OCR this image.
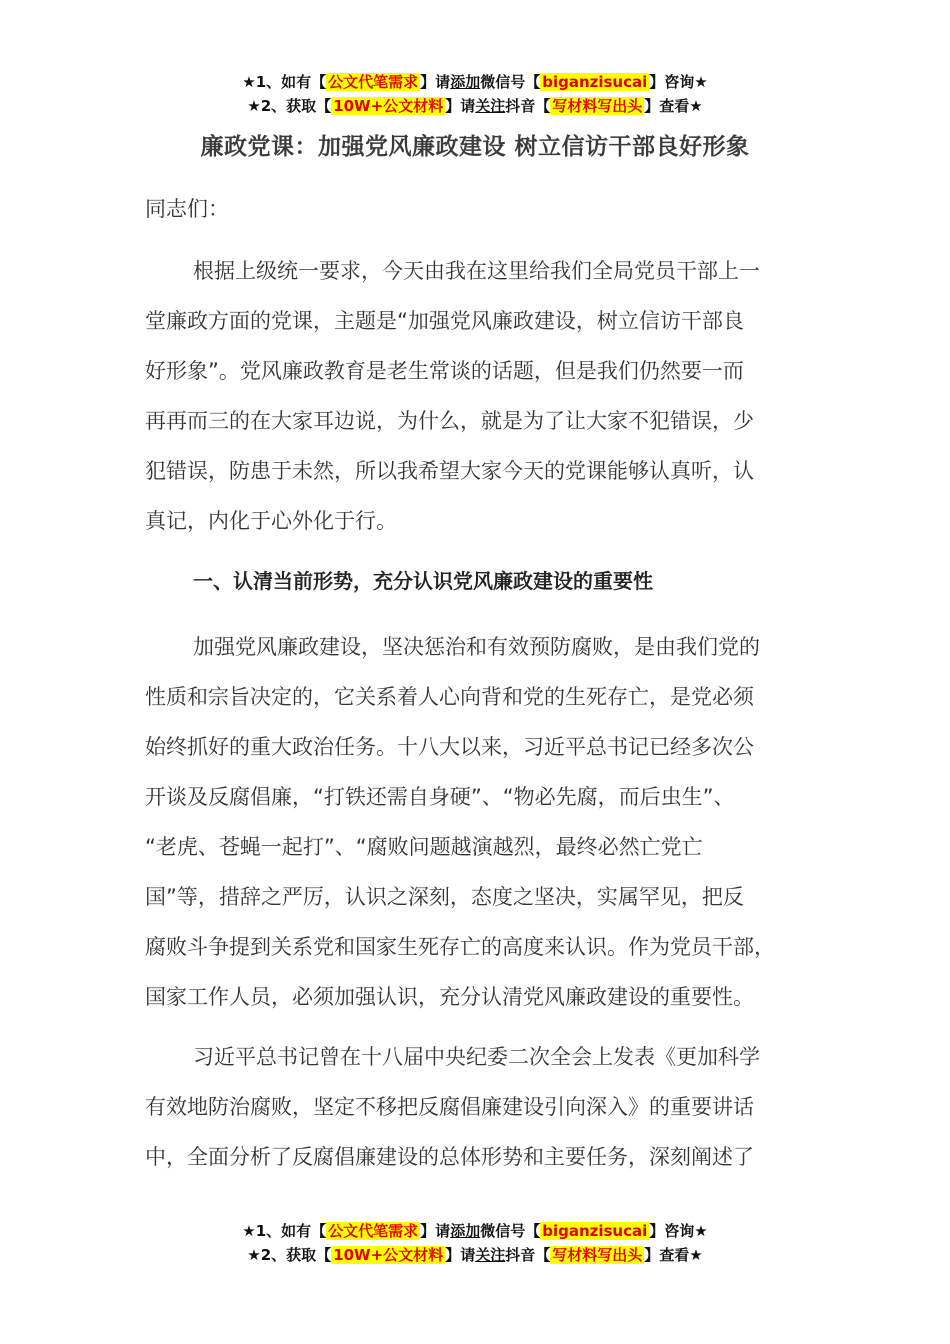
★1、如有【 公文代笔需求 】请添加微信号【 biganzisucai 】咨询★
★2、获取【 10W+公文材料 】请关注抖音【 写材料写出头 】查看★
廉政党课：加强党风廉政建设 树立信访干部良好形象
同志们：
根据上级统一要求，今天由我在这里给我们全局党员干部上一
堂廉政方面的党课，主题是“加强党风廉政建设，树立信访干部良
好形象”。党风廉政教育是老生常谈的话题，但是我们仍然要一而
再再而三的在大家耳边说，为什么，就是为了让大家不犯错误，少
犯错误，防患于未然，所以我希望大家今天的党课能够认真听，认
真记，内化于心外化于行。
一、认清当前形势，充分认识党风廉政建设的重要性
加强党风廉政建设，坚决惩治和有效预防腐败，是由我们党的
性质和宗旨决定的，它关系着人心向背和党的生死存亡，是党必须
始终抓好的重大政治任务。十八大以来，习近平总书记已经多次公
开谈及反腐倡廉，“打铁还需自身硬”、“物必先腐，而后虫生”、
“老虎、苍蝇一起打”、“腐败问题越演越烈，最终必然亡党亡
国”等，措辞之严厉，认识之深刻，态度之坚决，实属罕见，把反
腐败斗争提到关系党和国家生死存亡的高度来认识。作为党员干部，
国家工作人员，必须加强认识，充分认清党风廉政建设的重要性。
习近平总书记曾在十八届中央纪委二次全会上发表《更加科学
有效地防治腐败，坚定不移把反腐倡廉建设引向深入》的重要讲话
中，全面分析了反腐倡廉建设的总体形势和主要任务，深刻阐述了
★1、如有【 公文代笔需求 】请添加微信号【 biganzisucai 】咨询★
★2、获取【 10W+公文材料 】请关注抖音【 写材料写出头 】查看★
